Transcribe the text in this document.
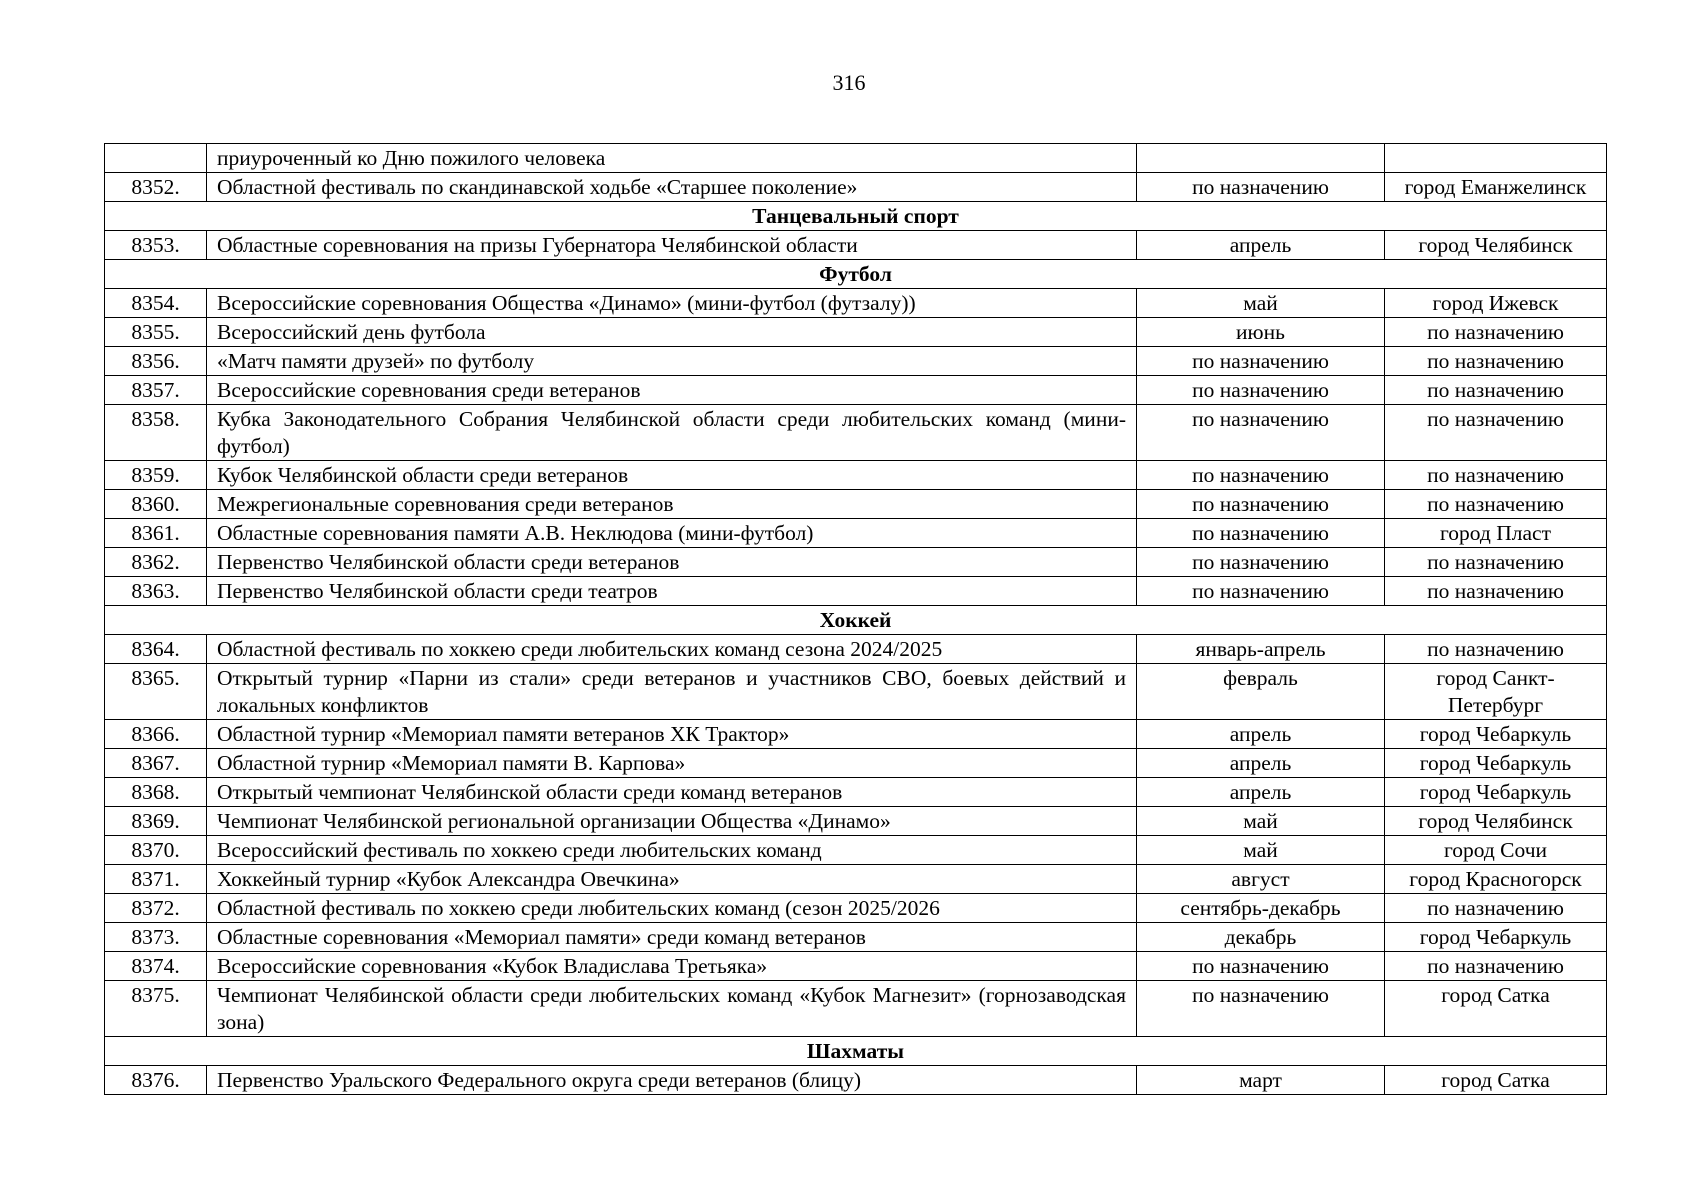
316
	приуроченный ко Дню пожилого человека		
8352.	Областной фестиваль по скандинавской ходьбе «Старшее поколение»	по назначению	город Еманжелинск
Танцевальный спорт			
8353.	Областные соревнования на призы Губернатора Челябинской области	апрель	город Челябинск
Футбол			
8354.	Всероссийские соревнования Общества «Динамо» (мини-футбол (футзалу))	май	город Ижевск
8355.	Всероссийский день футбола	июнь	по назначению
8356.	«Матч памяти друзей» по футболу	по назначению	по назначению
8357.	Всероссийские соревнования среди ветеранов	по назначению	по назначению
8358.	Кубка Законодательного Собрания Челябинской области среди любительских команд (мини-футбол)	по назначению	по назначению
8359.	Кубок Челябинской области среди ветеранов	по назначению	по назначению
8360.	Межрегиональные соревнования среди ветеранов	по назначению	по назначению
8361.	Областные соревнования памяти А.В. Неклюдова (мини-футбол)	по назначению	город Пласт
8362.	Первенство Челябинской области среди ветеранов	по назначению	по назначению
8363.	Первенство Челябинской области среди театров	по назначению	по назначению
Хоккей			
8364.	Областной фестиваль по хоккею среди любительских команд сезона 2024/2025	январь-апрель	по назначению
8365.	Открытый турнир «Парни из стали» среди ветеранов и участников СВО, боевых действий и локальных конфликтов	февраль	город Санкт-Петербург
8366.	Областной турнир «Мемориал памяти ветеранов ХК Трактор»	апрель	город Чебаркуль
8367.	Областной турнир «Мемориал памяти В. Карпова»	апрель	город Чебаркуль
8368.	Открытый чемпионат Челябинской области среди команд ветеранов	апрель	город Чебаркуль
8369.	Чемпионат Челябинской региональной организации Общества «Динамо»	май	город Челябинск
8370.	Всероссийский фестиваль по хоккею среди любительских команд	май	город Сочи
8371.	Хоккейный турнир «Кубок Александра Овечкина»	август	город Красногорск
8372.	Областной фестиваль по хоккею среди любительских команд (сезон 2025/2026	сентябрь-декабрь	по назначению
8373.	Областные соревнования «Мемориал памяти» среди команд ветеранов	декабрь	город Чебаркуль
8374.	Всероссийские соревнования «Кубок Владислава Третьяка»	по назначению	по назначению
8375.	Чемпионат Челябинской области среди любительских команд «Кубок Магнезит» (горнозаводская зона)	по назначению	город Сатка
Шахматы			
8376.	Первенство Уральского Федерального округа среди ветеранов (блицу)	март	город Сатка
